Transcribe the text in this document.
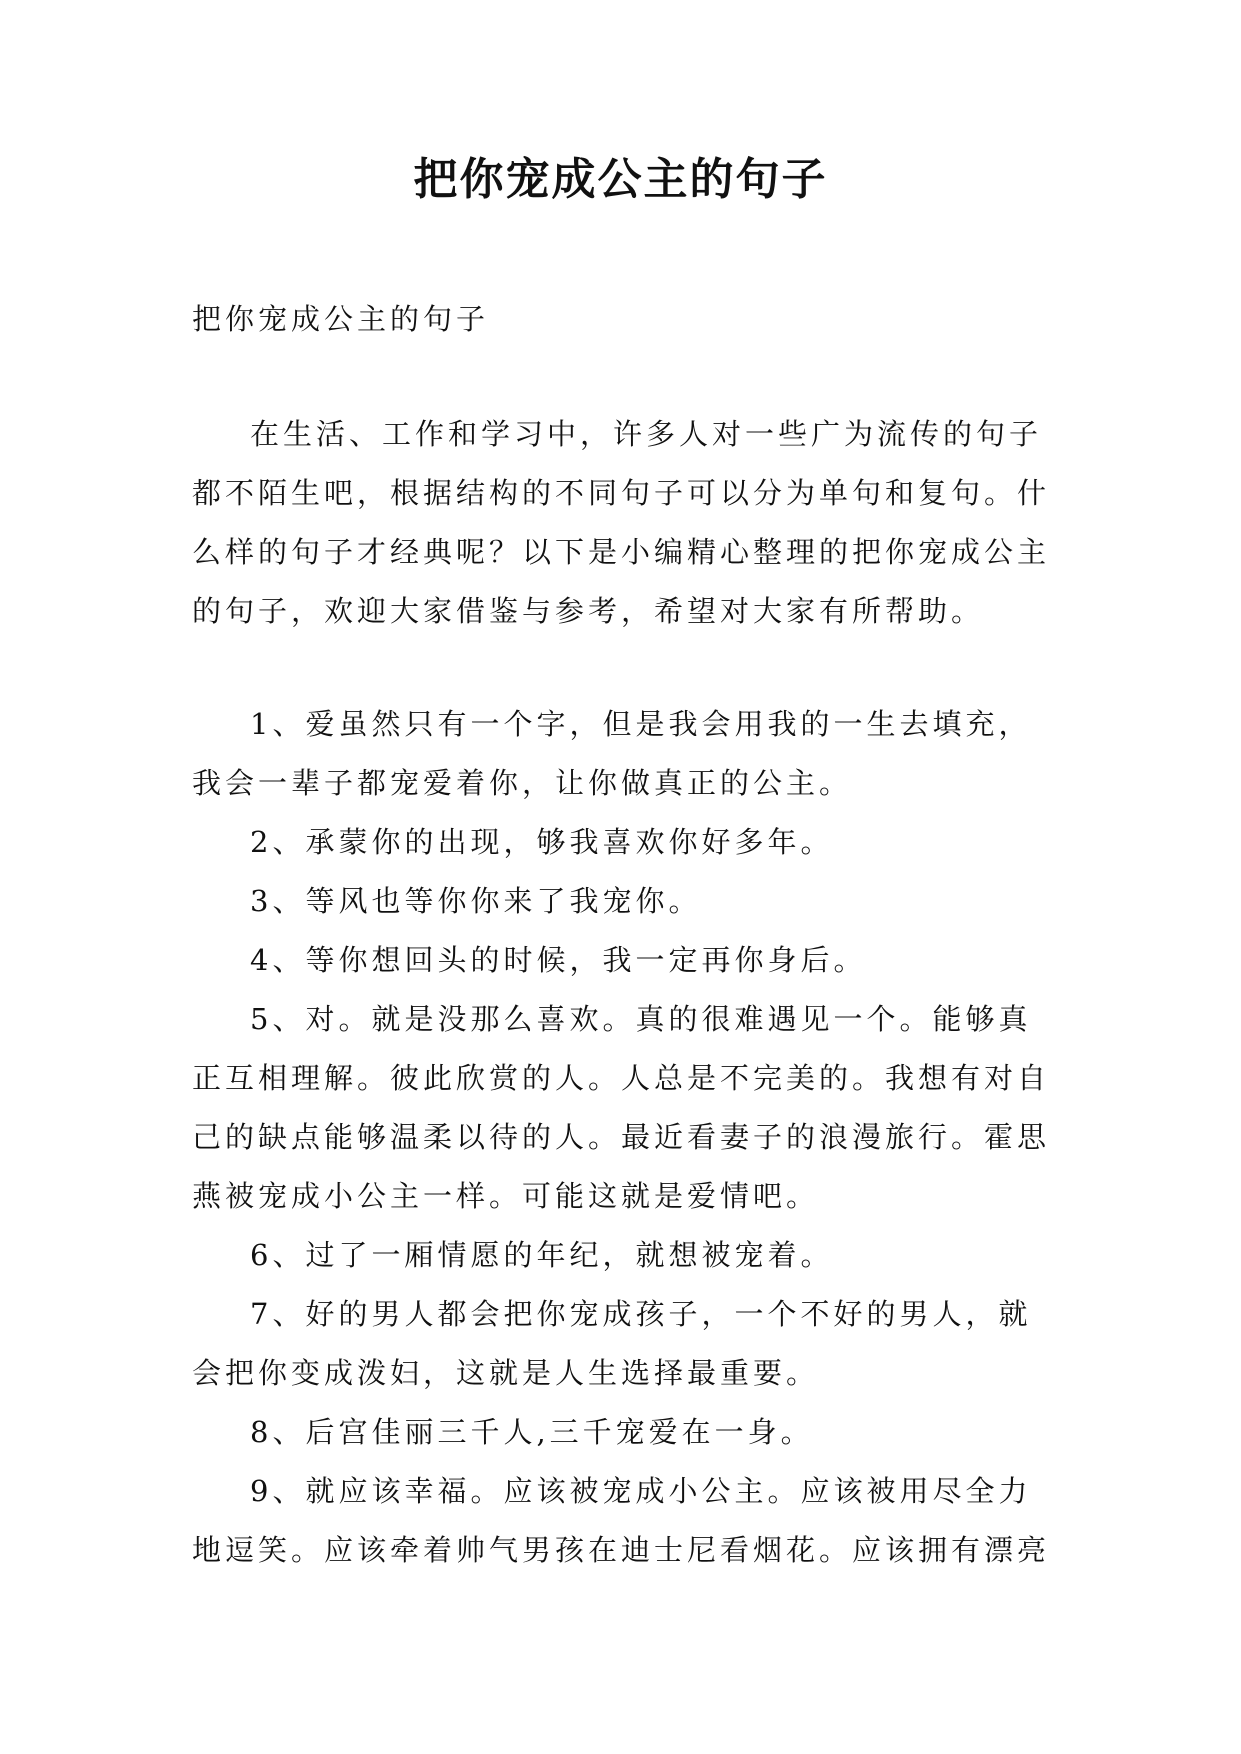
把你宠成公主的句子

把你宠成公主的句子

在生活、工作和学习中，许多人对一些广为流传的句子都不陌生吧，根据结构的不同句子可以分为单句和复句。什么样的句子才经典呢？以下是小编精心整理的把你宠成公主的句子，欢迎大家借鉴与参考，希望对大家有所帮助。

1、爱虽然只有一个字，但是我会用我的一生去填充，我会一辈子都宠爱着你，让你做真正的公主。

2、承蒙你的出现，够我喜欢你好多年。

3、等风也等你你来了我宠你。

4、等你想回头的时候，我一定再你身后。

5、对。就是没那么喜欢。真的很难遇见一个。能够真正互相理解。彼此欣赏的人。人总是不完美的。我想有对自己的缺点能够温柔以待的人。最近看妻子的浪漫旅行。霍思燕被宠成小公主一样。可能这就是爱情吧。

6、过了一厢情愿的年纪，就想被宠着。

7、好的男人都会把你宠成孩子，一个不好的男人，就会把你变成泼妇，这就是人生选择最重要。

8、后宫佳丽三千人,三千宠爱在一身。

9、就应该幸福。应该被宠成小公主。应该被用尽全力地逗笑。应该牵着帅气男孩在迪士尼看烟花。应该拥有漂亮
